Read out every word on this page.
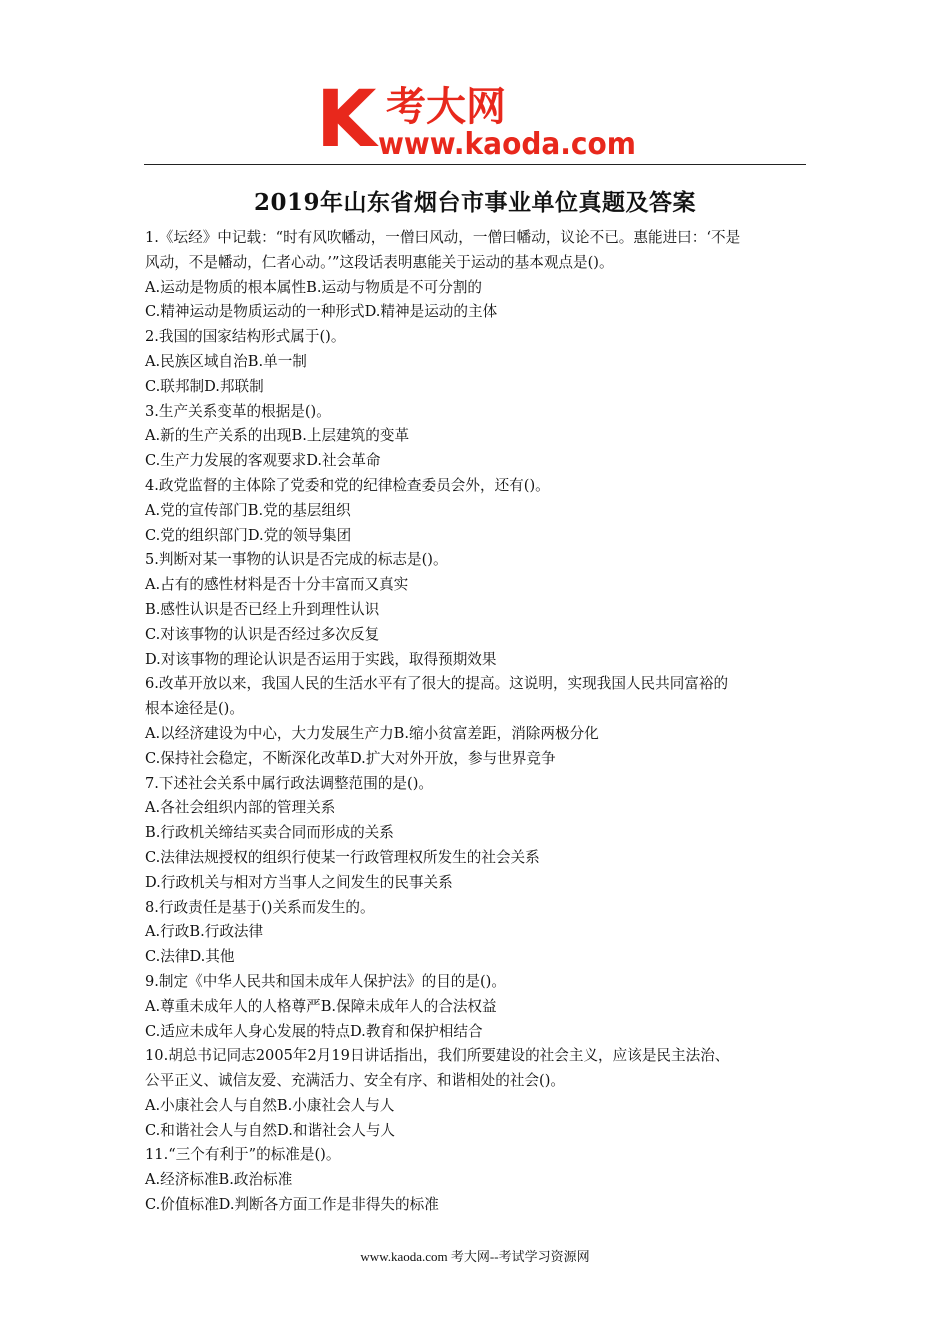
K 考大网
www.kaoda.com
2019年山东省烟台市事业单位真题及答案
1.《坛经》中记载：“时有风吹幡动，一僧曰风动，一僧曰幡动，议论不已。惠能进曰：‘不是
风动，不是幡动，仁者心动。’”这段话表明惠能关于运动的基本观点是()。
A.运动是物质的根本属性B.运动与物质是不可分割的
C.精神运动是物质运动的一种形式D.精神是运动的主体
2.我国的国家结构形式属于()。
A.民族区域自治B.单一制
C.联邦制D.邦联制
3.生产关系变革的根据是()。
A.新的生产关系的出现B.上层建筑的变革
C.生产力发展的客观要求D.社会革命
4.政党监督的主体除了党委和党的纪律检查委员会外，还有()。
A.党的宣传部门B.党的基层组织
C.党的组织部门D.党的领导集团
5.判断对某一事物的认识是否完成的标志是()。
A.占有的感性材料是否十分丰富而又真实
B.感性认识是否已经上升到理性认识
C.对该事物的认识是否经过多次反复
D.对该事物的理论认识是否运用于实践，取得预期效果
6.改革开放以来，我国人民的生活水平有了很大的提高。这说明，实现我国人民共同富裕的
根本途径是()。
A.以经济建设为中心，大力发展生产力B.缩小贫富差距，消除两极分化
C.保持社会稳定，不断深化改革D.扩大对外开放，参与世界竞争
7.下述社会关系中属行政法调整范围的是()。
A.各社会组织内部的管理关系
B.行政机关缔结买卖合同而形成的关系
C.法律法规授权的组织行使某一行政管理权所发生的社会关系
D.行政机关与相对方当事人之间发生的民事关系
8.行政责任是基于()关系而发生的。
A.行政B.行政法律
C.法律D.其他
9.制定《中华人民共和国未成年人保护法》的目的是()。
A.尊重未成年人的人格尊严B.保障未成年人的合法权益
C.适应未成年人身心发展的特点D.教育和保护相结合
10.胡总书记同志2005年2月19日讲话指出，我们所要建设的社会主义，应该是民主法治、
公平正义、诚信友爱、充满活力、安全有序、和谐相处的社会()。
A.小康社会人与自然B.小康社会人与人
C.和谐社会人与自然D.和谐社会人与人
11.“三个有利于”的标准是()。
A.经济标准B.政治标准
C.价值标准D.判断各方面工作是非得失的标准
www.kaoda.com 考大网--考试学习资源网
